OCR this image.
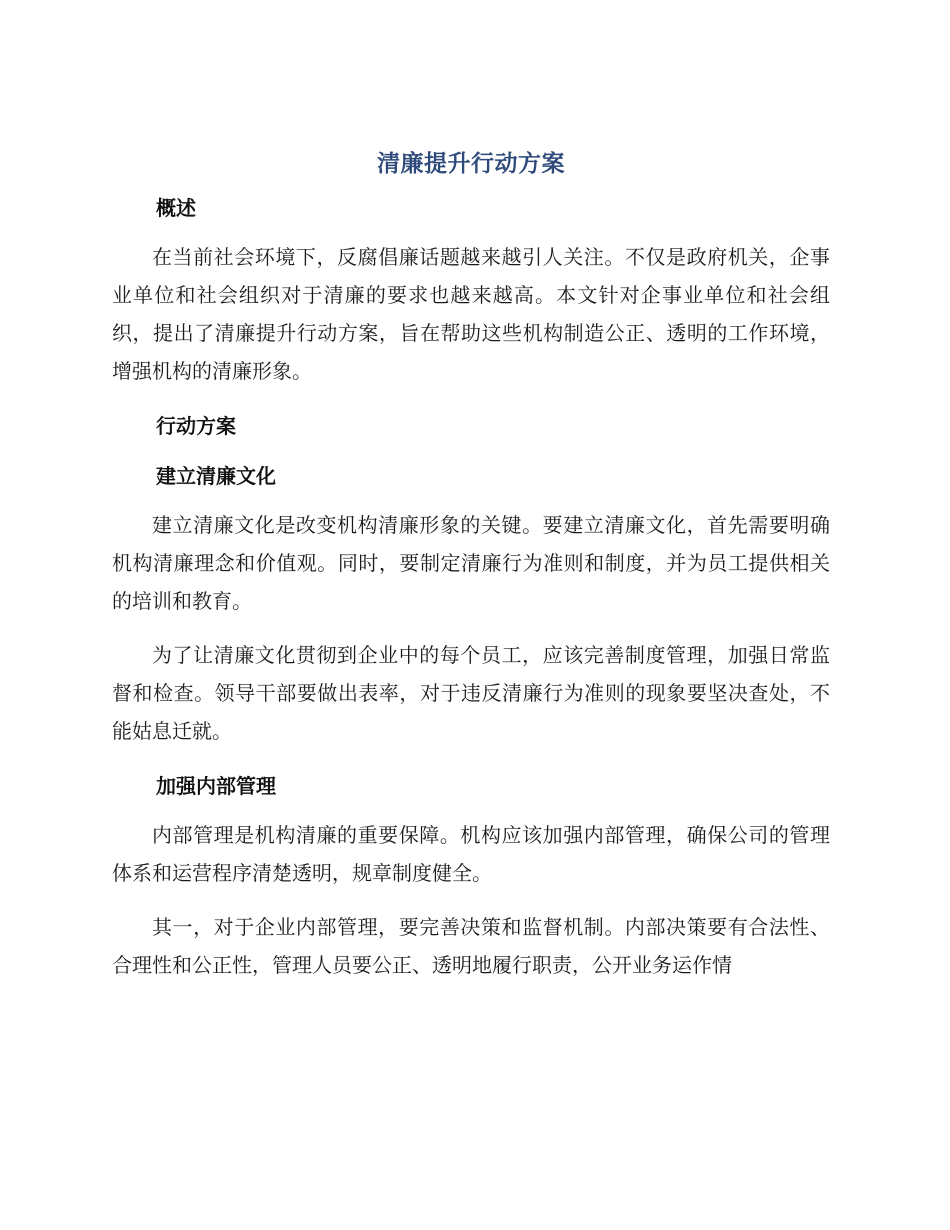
清廉提升行动方案
概述

在当前社会环境下，反腐倡廉话题越来越引人关注。不仅是政府机关，企事业单位和社会组织对于清廉的要求也越来越高。本文针对企事业单位和社会组织，提出了清廉提升行动方案，旨在帮助这些机构制造公正、透明的工作环境，增强机构的清廉形象。

行动方案
建立清廉文化

建立清廉文化是改变机构清廉形象的关键。要建立清廉文化，首先需要明确机构清廉理念和价值观。同时，要制定清廉行为准则和制度，并为员工提供相关的培训和教育。

为了让清廉文化贯彻到企业中的每个员工，应该完善制度管理，加强日常监督和检查。领导干部要做出表率，对于违反清廉行为准则的现象要坚决查处，不能姑息迁就。

加强内部管理

内部管理是机构清廉的重要保障。机构应该加强内部管理，确保公司的管理体系和运营程序清楚透明，规章制度健全。

其一，对于企业内部管理，要完善决策和监督机制。内部决策要有合法性、合理性和公正性，管理人员要公正、透明地履行职责，公开业务运作情
